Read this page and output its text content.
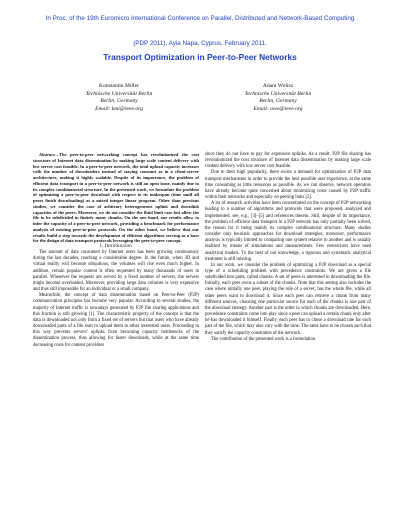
In Proc. of the 19th Euromicro International Conference on Parallel, Distributed and Network-Based Computing
(PDP 2011), Ayia Napa, Cyprus, February 2011.
Transport Optimization in Peer-to-Peer Networks
Konstantin Miller
Technische Universität Berlin
Berlin, Germany
Email: kmi@ieee.org
Adam Wolisz
Technische Universität Berlin
Berlin, Germany
Email: awo@ieee.org

Abstract—The peer-to-peer networking concept has revolutionized the cost structure of Internet data dissemination by making large scale content delivery with low server cost feasible. In a peer-to-peer network, the total upload capacity increases with the number of downloaders instead of staying constant as in a client-server architecture, making it highly scalable. Despite of its importance, the problem of efficient data transport in a peer-to-peer network is still an open issue, mainly due to its complex combinatorial structure. In the presented work, we formulate the problem of optimizing a peer-to-peer download with respect to its makespan (time until all peers finish downloading) as a mixed integer linear program. Other than previous studies, we consider the case of arbitrary heterogeneous uplink and downlink capacities of the peers. Moreover, we do not consider the fluid limit case but allow the file to be subdivided in finitely many chunks. On the one hand, our results allow to infer the capacity of a peer-to-peer network, providing a benchmark for performance analysis of existing peer-to-peer protocols. On the other hand, we believe that our results build a step towards the development of efficient algorithms serving as a base for the design of data transport protocols leveraging the peer-to-peer concept.

I. Introduction

The amount of data consumed by Internet users has been growing continuously during the last decades, reaching a considerable degree. In the future, when 3D and virtual reality will become ubiquitous, the volumes will rise even much higher. In addition, certain popular content is often requested by many thousands of users in parallel. Whenever the requests are served by a fixed number of servers, the servers might become overloaded. Moreover, providing large data volumes is very expensive and thus still impossible for an individual or a small company.

Meanwhile, the concept of data dissemination based on Peer-to-Peer (P2P) communication principles has become very popular. According to several studies, the majority of Internet traffic is nowadays generated by P2P file sharing applications and this fraction is still growing [1]. The characteristic property of the concept is that the data is downloaded not only from a fixed set of servers but that users who have already downloaded parts of a file start to upload them to other interested users. Proceeding in this way prevents servers' uplinks from becoming capacity bottlenecks of the dissemination process, thus allowing for faster downloads, while at the same time decreasing costs for content providers

since they do not have to pay for expensive uplinks. As a result, P2P file sharing has revolutionized the cost structure of Internet data dissemination by making large scale content delivery with low server cost feasible.

Due to their high popularity, there exists a demand for optimization of P2P data transport mechanisms in order to provide the best possible user experience, at the same time consuming as little resources as possible. As we can observe, network operators have already become quite concerned about minimizing costs caused by P2P traffic within their networks and especially on peering links [2].

A lot of research activities have been concentrated on the concept of P2P networking leading to a number of algorithms and protocols that were proposed, analyzed and implemented, see, e.g., [3]–[5] and references therein. Still, despite of its importance, the problem of efficient data transport in a P2P network has only partially been solved, the reason for it being mainly its complex combinatorial structure. Many studies consider only heuristic approaches for download strategies; moreover, performance analysis is typically limited to comparing one system relative to another and is usually realized by means of simulations and measurements. Few researchers have used analytical models. To the best of our knowledge, a rigorous and systematic analytical treatment is still missing.

In our work, we consider the problem of optimizing a P2P download as a special type of a scheduling problem with precedence constraints. We are given a file subdivided into parts, called chunks. A set of peers is interested in downloading the file. Initially, each peer owns a subset of the chunks. Note that this setting also includes the case where initially one peer, playing the role of a server, has the whole file, while all other peers want to download it. Since each peer can retrieve a chunk from many different sources, choosing one particular source for each of the chunks is one part of the download strategy. Another part is the order in which chunks are downloaded. Here, precedence constraints come into play since a peer can upload a certain chunk only after he has downloaded it himself. Finally, each peer has to chose a download rate for each part of the file, which may also vary with the time. The rates have to be chosen such that they satisfy the capacity constraints of the network.

The contribution of the presented work is a formulation
